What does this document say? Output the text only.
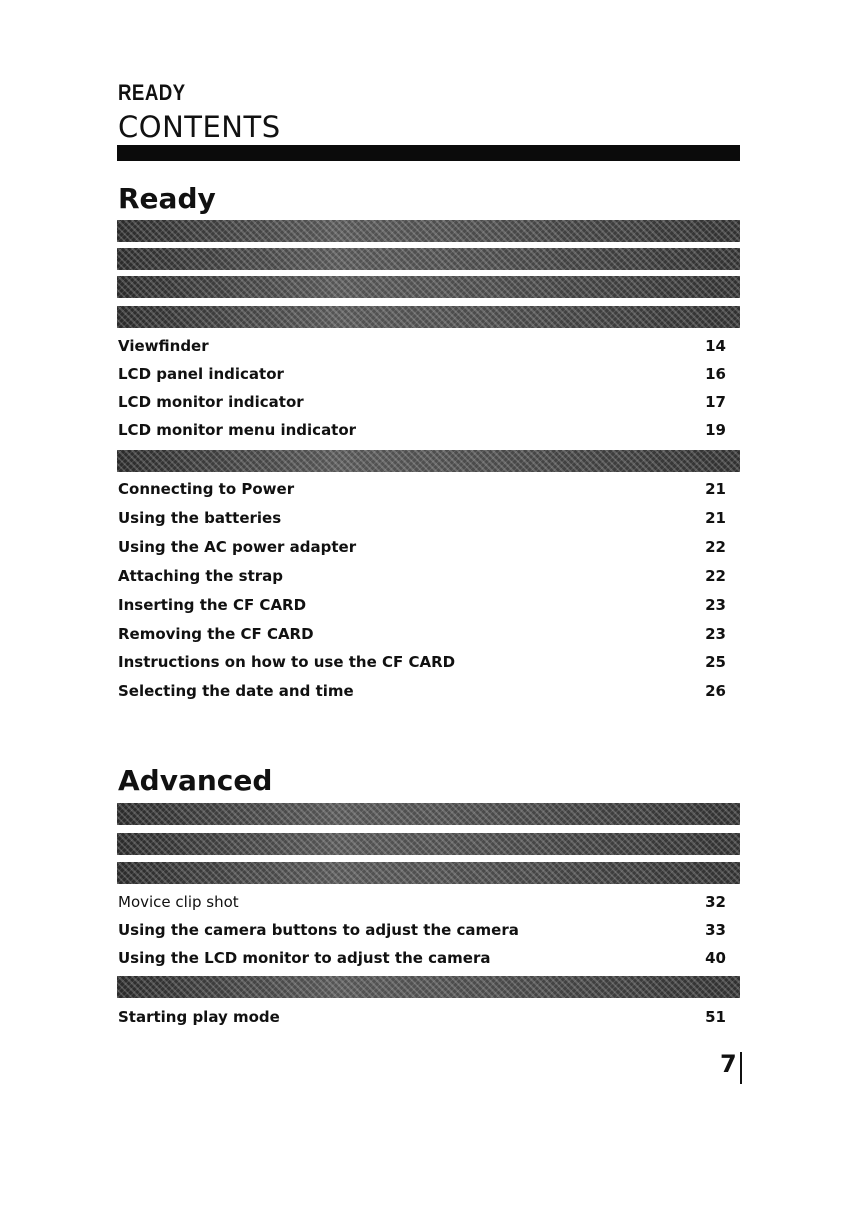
READY
CONTENTS
Ready
Viewfinder	14
LCD panel indicator	16
LCD monitor indicator	17
LCD monitor menu indicator	19
Connecting to Power	21
Using the batteries	21
Using the AC power adapter	22
Attaching the strap	22
Inserting the CF CARD	23
Removing the CF CARD	23
Instructions on how to use the CF CARD	25
Selecting the date and time	26
Advanced
Movice clip shot	32
Using the camera buttons to adjust the camera	33
Using the LCD monitor to adjust the camera	40
Starting play mode	51
7
